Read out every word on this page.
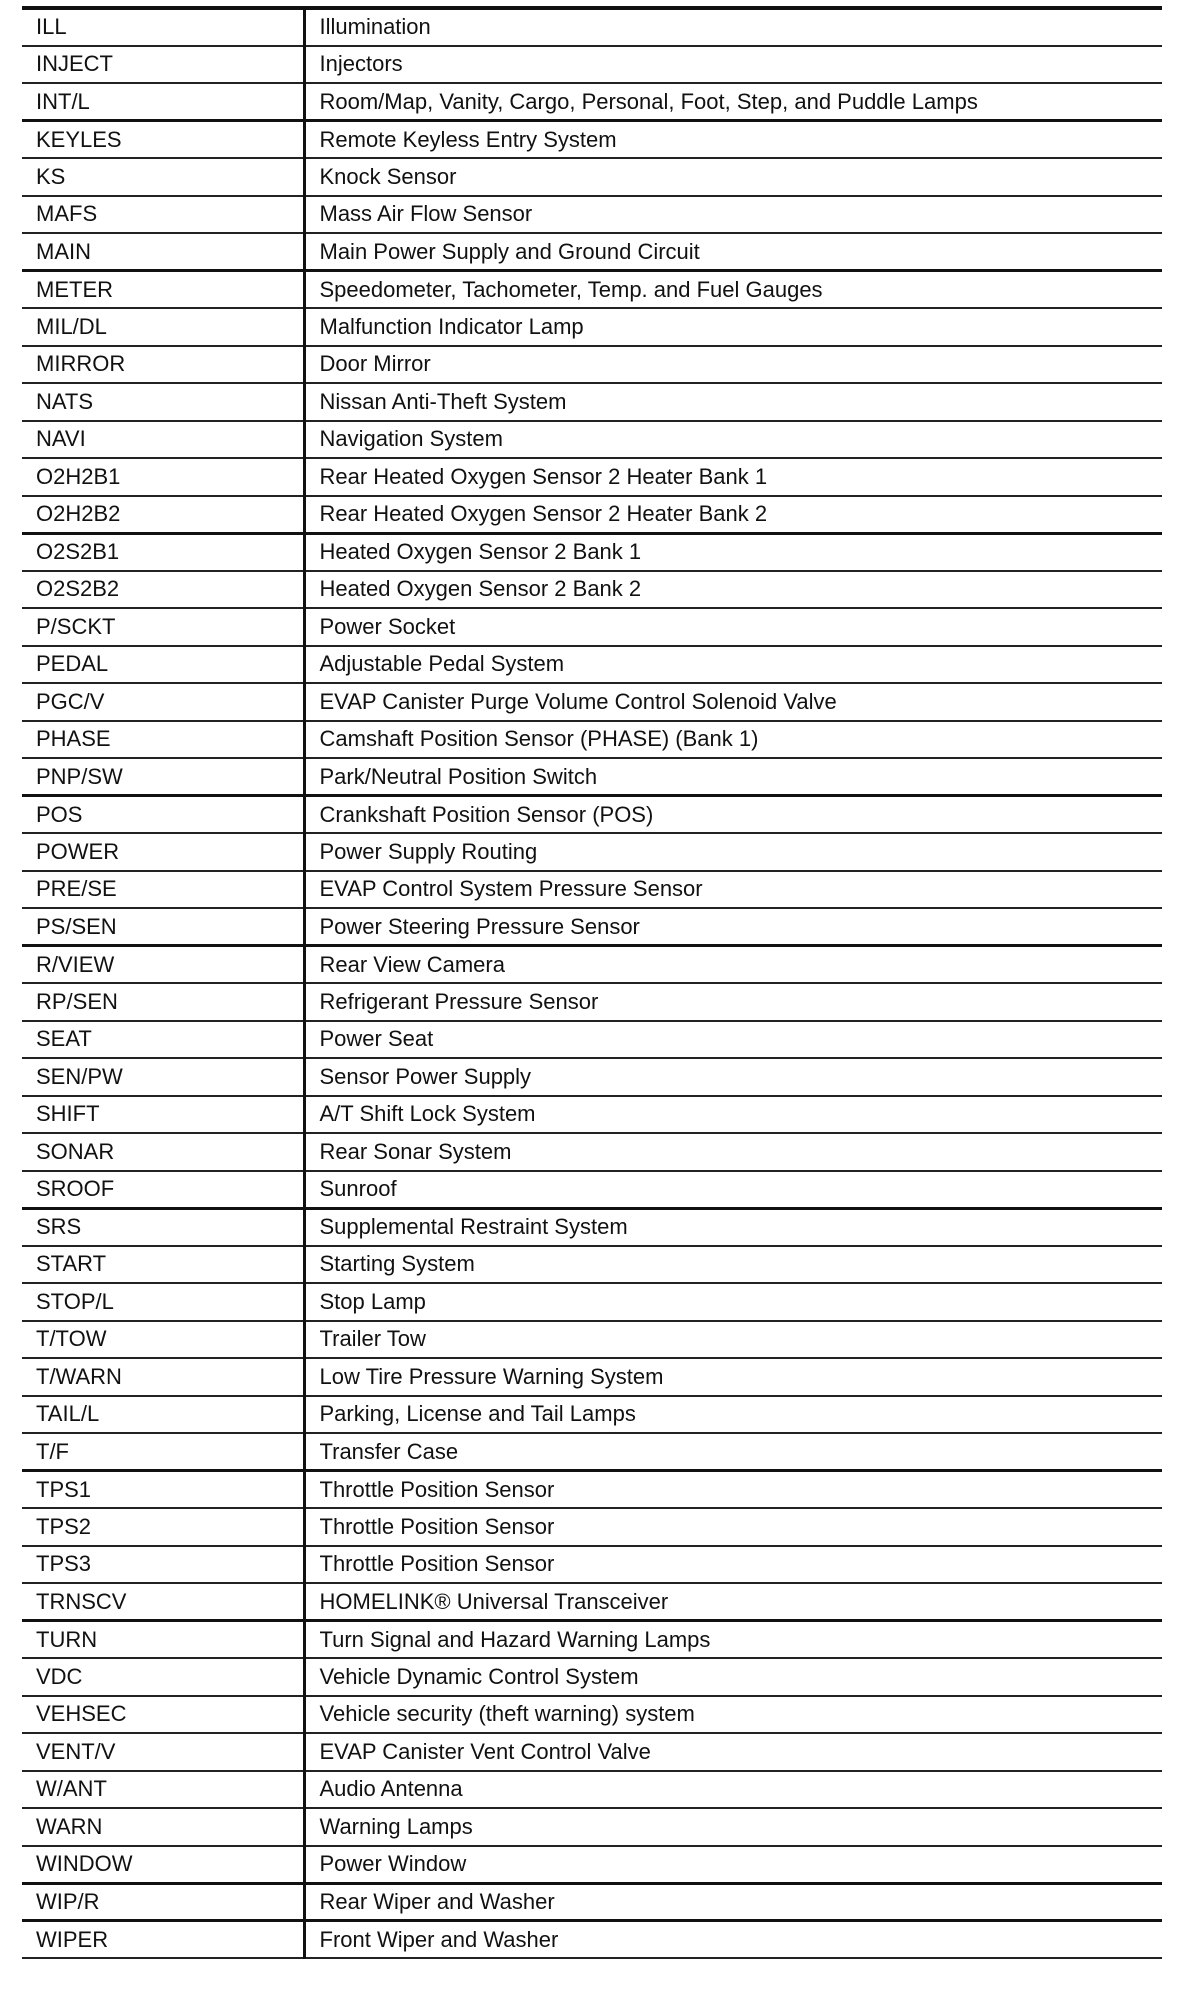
ILL	Illumination
INJECT	Injectors
INT/L	Room/Map, Vanity, Cargo, Personal, Foot, Step, and Puddle Lamps
KEYLES	Remote Keyless Entry System
KS	Knock Sensor
MAFS	Mass Air Flow Sensor
MAIN	Main Power Supply and Ground Circuit
METER	Speedometer, Tachometer, Temp. and Fuel Gauges
MIL/DL	Malfunction Indicator Lamp
MIRROR	Door Mirror
NATS	Nissan Anti-Theft System
NAVI	Navigation System
O2H2B1	Rear Heated Oxygen Sensor 2 Heater Bank 1
O2H2B2	Rear Heated Oxygen Sensor 2 Heater Bank 2
O2S2B1	Heated Oxygen Sensor 2 Bank 1
O2S2B2	Heated Oxygen Sensor 2 Bank 2
P/SCKT	Power Socket
PEDAL	Adjustable Pedal System
PGC/V	EVAP Canister Purge Volume Control Solenoid Valve
PHASE	Camshaft Position Sensor (PHASE) (Bank 1)
PNP/SW	Park/Neutral Position Switch
POS	Crankshaft Position Sensor (POS)
POWER	Power Supply Routing
PRE/SE	EVAP Control System Pressure Sensor
PS/SEN	Power Steering Pressure Sensor
R/VIEW	Rear View Camera
RP/SEN	Refrigerant Pressure Sensor
SEAT	Power Seat
SEN/PW	Sensor Power Supply
SHIFT	A/T Shift Lock System
SONAR	Rear Sonar System
SROOF	Sunroof
SRS	Supplemental Restraint System
START	Starting System
STOP/L	Stop Lamp
T/TOW	Trailer Tow
T/WARN	Low Tire Pressure Warning System
TAIL/L	Parking, License and Tail Lamps
T/F	Transfer Case
TPS1	Throttle Position Sensor
TPS2	Throttle Position Sensor
TPS3	Throttle Position Sensor
TRNSCV	HOMELINK® Universal Transceiver
TURN	Turn Signal and Hazard Warning Lamps
VDC	Vehicle Dynamic Control System
VEHSEC	Vehicle security (theft warning) system
VENT/V	EVAP Canister Vent Control Valve
W/ANT	Audio Antenna
WARN	Warning Lamps
WINDOW	Power Window
WIP/R	Rear Wiper and Washer
WIPER	Front Wiper and Washer
